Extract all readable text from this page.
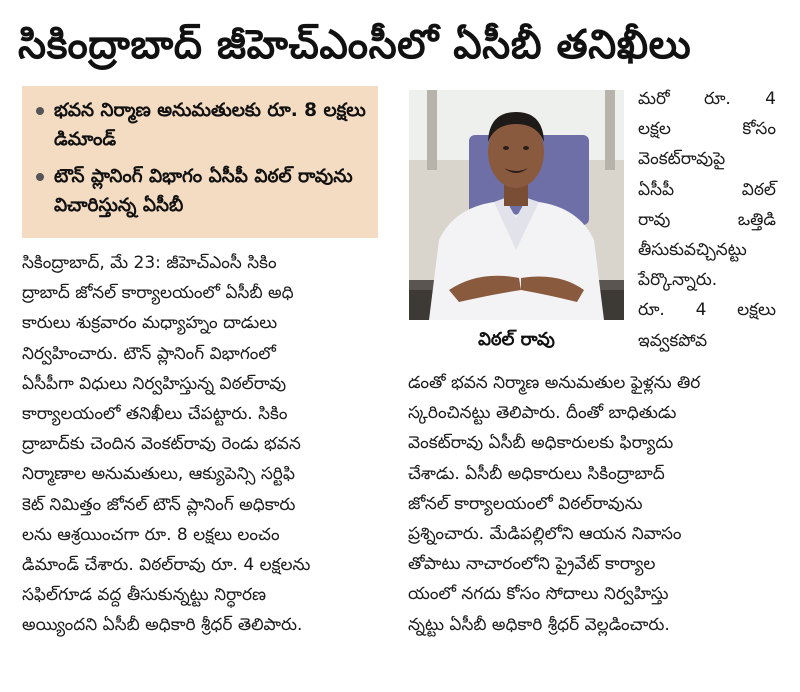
సికింద్రాబాద్ జీహెచ్ఎంసీలో ఏసీబీ తనిఖీలు
భవన నిర్మాణ అనుమతులకు రూ. 8 లక్షలు డిమాండ్
టౌన్ ప్లానింగ్ విభాగం ఏసీపీ విఠల్ రావును విచారిస్తున్న ఏసీబీ
విఠల్ రావు
మరో రూ. 4
లక్షల	కోసం
వెంకట్‌రావుపై
ఏసీపీ	విఠల్
రావు	ఒత్తిడి
తీసుకువచ్చినట్టు
పేర్కొన్నారు.
రూ. 4 లక్షలు
ఇవ్వకపోవ
సికింద్రాబాద్, మే 23: జీహెచ్ఎంసీ సికిం
ద్రాబాద్ జోనల్ కార్యాలయంలో ఏసీబీ అధి
కారులు శుక్రవారం మధ్యాహ్నం దాడులు
నిర్వహించారు. టౌన్ ప్లానింగ్ విభాగంలో
ఏసీపీగా విధులు నిర్వహిస్తున్న విఠల్‌రావు
కార్యాలయంలో తనిఖీలు చేపట్టారు. సికిం
ద్రాబాద్‌కు చెందిన వెంకట్‌రావు రెండు భవన
నిర్మాణాల అనుమతులు, ఆక్యుపెన్సి సర్టిఫి
కెట్ నిమిత్తం జోనల్ టౌన్ ప్లానింగ్ అధికారు
లను ఆశ్రయించగా రూ. 8 లక్షలు లంచం
డిమాండ్ చేశారు. విఠల్‌రావు రూ. 4 లక్షలను
సఫిల్‌గూడ వద్ద తీసుకున్నట్టు నిర్ధారణ
అయ్యిందని ఏసీబీ అధికారి శ్రీధర్ తెలిపారు.
డంతో భవన నిర్మాణ అనుమతుల ఫైళ్లను తిర
స్కరించినట్టు తెలిపారు. దీంతో బాధితుడు
వెంకట్‌రావు ఏసీబీ అధికారులకు ఫిర్యాదు
చేశాడు. ఏసీబీ అధికారులు సికింద్రాబాద్
జోనల్ కార్యాలయంలో విఠల్‌రావును
ప్రశ్నించారు. మేడిపల్లిలోని ఆయన నివాసం
తోపాటు నాచారంలోని ప్రైవేట్ కార్యాల
యంలో నగదు కోసం సోదాలు నిర్వహిస్తు
న్నట్టు ఏసీబీ అధికారి శ్రీధర్ వెల్లడించారు.
